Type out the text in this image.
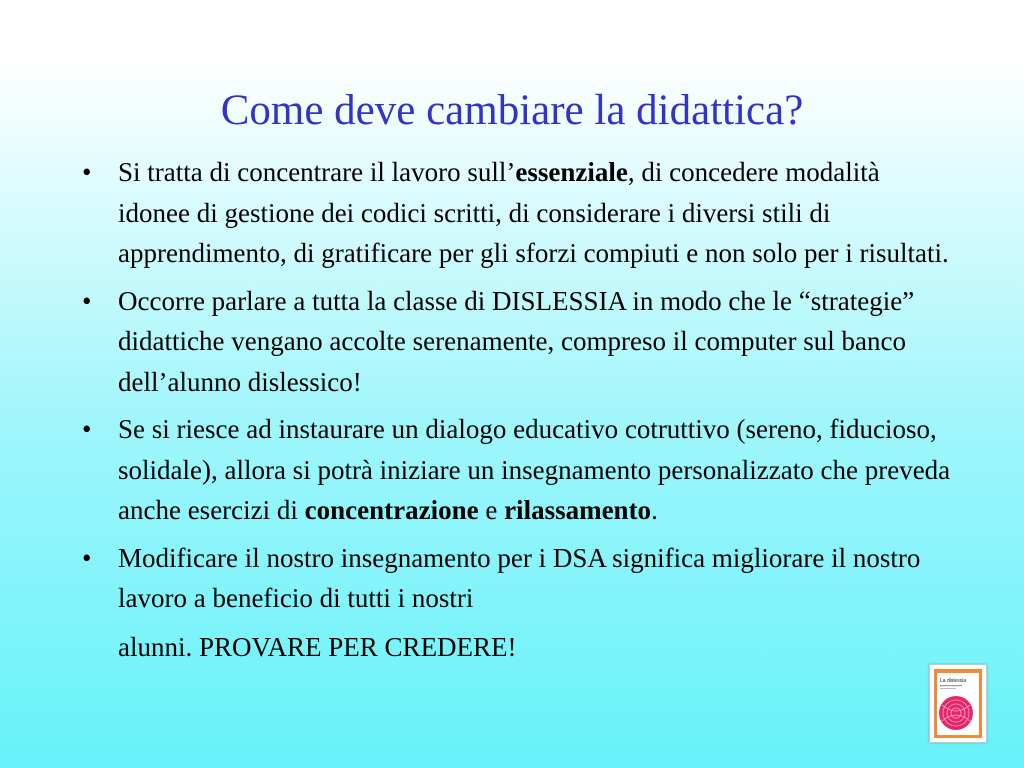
Come deve cambiare la didattica?
• Si tratta di concentrare il lavoro sull’essenziale, di concedere modalità idonee di gestione dei codici scritti, di considerare i diversi stili di apprendimento, di gratificare per gli sforzi compiuti e non solo per i risultati.
• Occorre parlare a tutta la classe di DISLESSIA in modo che le “strategie” didattiche vengano accolte serenamente, compreso il computer sul banco dell’alunno dislessico!
• Se si riesce ad instaurare un dialogo educativo cotruttivo (sereno, fiducioso, solidale), allora si potrà iniziare un insegnamento personalizzato che preveda anche esercizi di concentrazione e rilassamento.
• Modificare il nostro insegnamento per i DSA significa migliorare il nostro lavoro a beneficio di tutti i nostri
alunni. PROVARE PER CREDERE!
La dislessia
